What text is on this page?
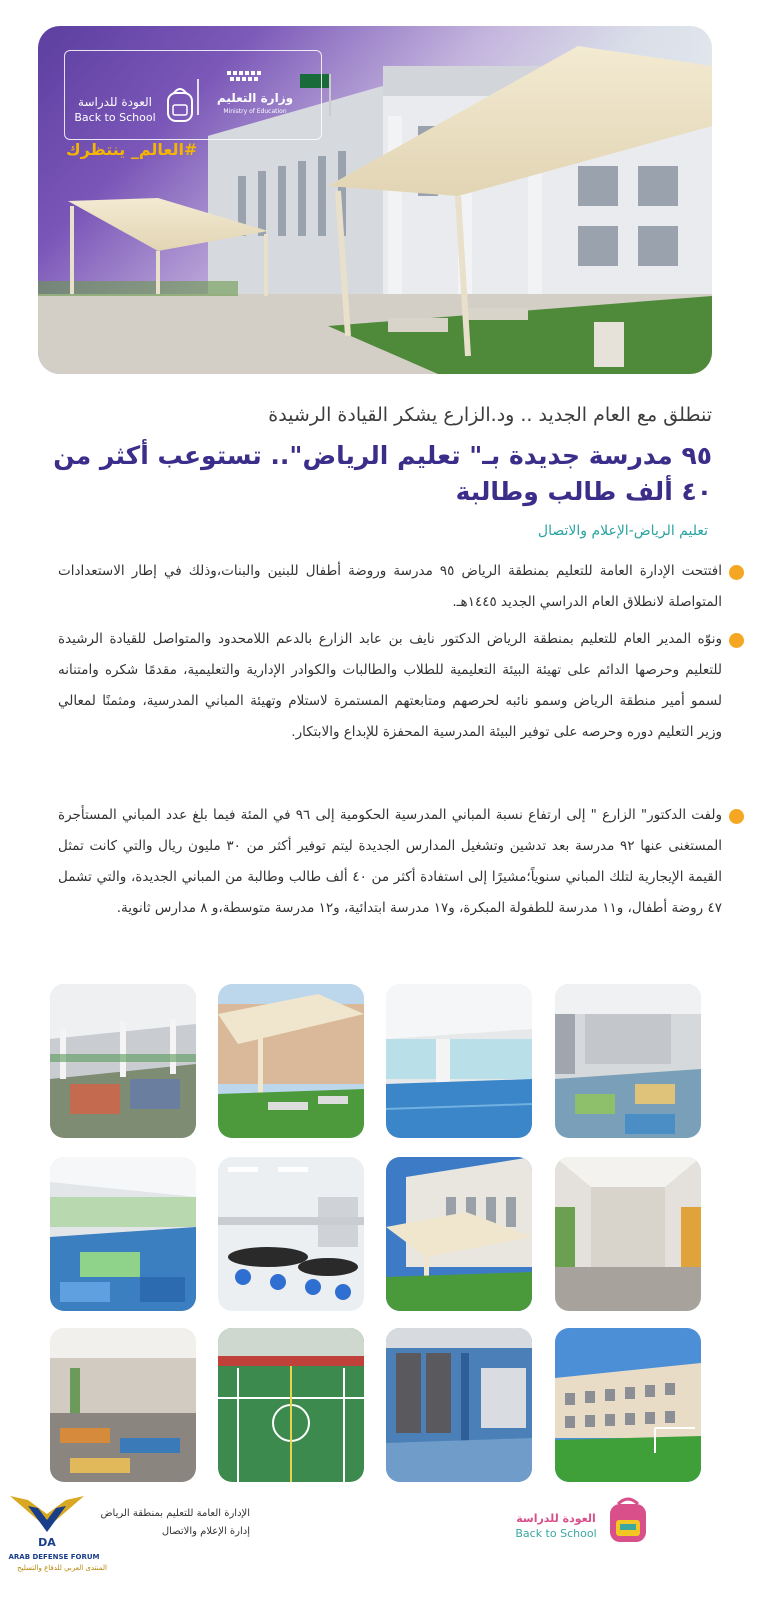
وزارة التعليم
Ministry of Education
العودة للدراسة
Back to School
#العالم_ ينتظرك
تنطلق مع العام الجديد .. ود.الزارع يشكر القيادة الرشيدة
٩٥ مدرسة جديدة بـ" تعليم الرياض".. تستوعب أكثر من ٤٠ ألف طالب وطالبة
تعليم الرياض-الإعلام والاتصال
افتتحت الإدارة العامة للتعليم بمنطقة الرياض ٩٥ مدرسة وروضة أطفال للبنين والبنات،وذلك في إطار الاستعدادات المتواصلة لانطلاق العام الدراسي الجديد ١٤٤٥هـ.
ونوّه المدير العام للتعليم بمنطقة الرياض الدكتور نايف بن عابد الزارع بالدعم اللامحدود والمتواصل للقيادة الرشيدة للتعليم وحرصها الدائم على تهيئة البيئة التعليمية للطلاب والطالبات والكوادر الإدارية والتعليمية، مقدمًا شكره وامتنانه لسمو أمير منطقة الرياض وسمو نائبه لحرصهم ومتابعتهم المستمرة لاستلام وتهيئة المباني المدرسية، ومثمنًا لمعالي وزير التعليم دوره وحرصه على توفير البيئة المدرسية المحفزة للإبداع والابتكار.
ولفت الدكتور" الزارع " إلى ارتفاع نسبة المباني المدرسية الحكومية إلى ٩٦ في المئة فيما بلغ عدد المباني المستأجرة المستغنى عنها ٩٢ مدرسة بعد تدشين وتشغيل المدارس الجديدة ليتم توفير أكثر من ٣٠ مليون ريال والتي كانت تمثل القيمة الإيجارية لتلك المباني سنوياً؛مشيرًا إلى استفادة أكثر من ٤٠ ألف طالب وطالبة من المباني الجديدة، والتي تشمل ٤٧ روضة أطفال، و١١ مدرسة للطفولة المبكرة، و١٧ مدرسة ابتدائية، و١٢ مدرسة متوسطة،و ٨ مدارس ثانوية.
DA
ARAB DEFENSE FORUM
المنتدى العربي للدفاع والتسليح
الإدارة العامة للتعليم بمنطقة الرياض
إدارة الإعلام والاتصال
العودة للدراسة
Back to School
